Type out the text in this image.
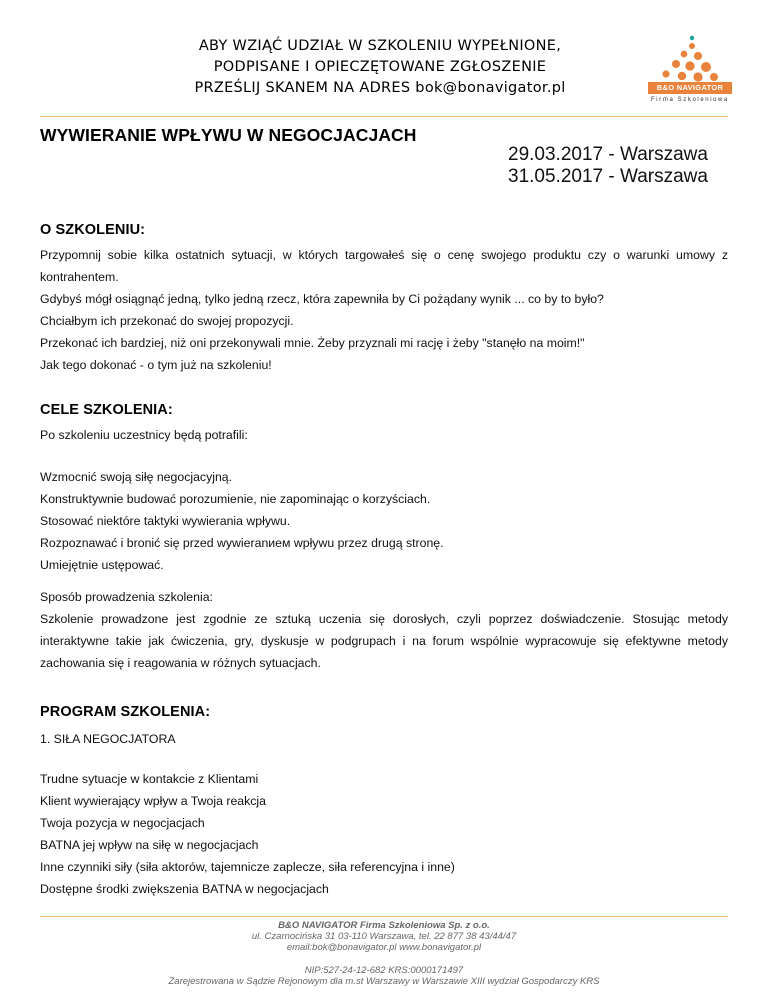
ABY WZIĄĆ UDZIAŁ W SZKOLENIU WYPEŁNIONE,
PODPISANE I OPIECZĘTOWANE ZGŁOSZENIE
PRZEŚLIJ SKANEM NA ADRES bok@bonavigator.pl	B&O NAVIGATOR
Firma Szkoleniowa
WYWIERANIE WPŁYWU W NEGOCJACJACH
29.03.2017 - Warszawa
31.05.2017 - Warszawa
O SZKOLENIU:
Przypomnij sobie kilka ostatnich sytuacji, w których targowałeś się o cenę swojego produktu czy o warunki umowy z kontrahentem.
Gdybyś mógł osiągnąć jedną, tylko jedną rzecz, która zapewniła by Ci pożądany wynik ... co by to było?
Chciałbym ich przekonać do swojej propozycji.
Przekonać ich bardziej, niż oni przekonywali mnie. Żeby przyznali mi rację i żeby "stanęło na moim!"
Jak tego dokonać - o tym już na szkoleniu!
CELE SZKOLENIA:
Po szkoleniu uczestnicy będą potrafili:
Wzmocnić swoją siłę negocjacyjną.
Konstruktywnie budować porozumienie, nie zapominając o korzyściach.
Stosować niektóre taktyki wywierania wpływu.
Rozpoznawać i bronić się przed wywieranием wpływu przez drugą stronę.
Umiejętnie ustępować.
Sposób prowadzenia szkolenia:
Szkolenie prowadzone jest zgodnie ze sztuką uczenia się dorosłych, czyli poprzez doświadczenie. Stosując metody interaktywne takie jak ćwiczenia, gry, dyskusje w podgrupach i na forum wspólnie wypracowuje się efektywne metody zachowania się i reagowania w różnych sytuacjach.
PROGRAM SZKOLENIA:
1. SIŁA NEGOCJATORA
Trudne sytuacje w kontakcie z Klientami
Klient wywierający wpływ a Twoja reakcja
Twoja pozycja w negocjacjach
BATNA jej wpływ na siłę w negocjacjach
Inne czynniki siły (siła aktorów, tajemnicze zaplecze, siła referencyjna i inne)
Dostępne środki zwiększenia BATNA w negocjacjach
B&O NAVIGATOR Firma Szkoleniowa Sp. z o.o.
ul. Czarnocińska 31 03-110 Warszawa, tel. 22 877 38 43/44/47
email:bok@bonavigator.pl www.bonavigator.pl
NIP:527-24-12-682 KRS:0000171497
Zarejestrowana w Sądzie Rejonowym dla m.st Warszawy w Warszawie XIII wydział Gospodarczy KRS
